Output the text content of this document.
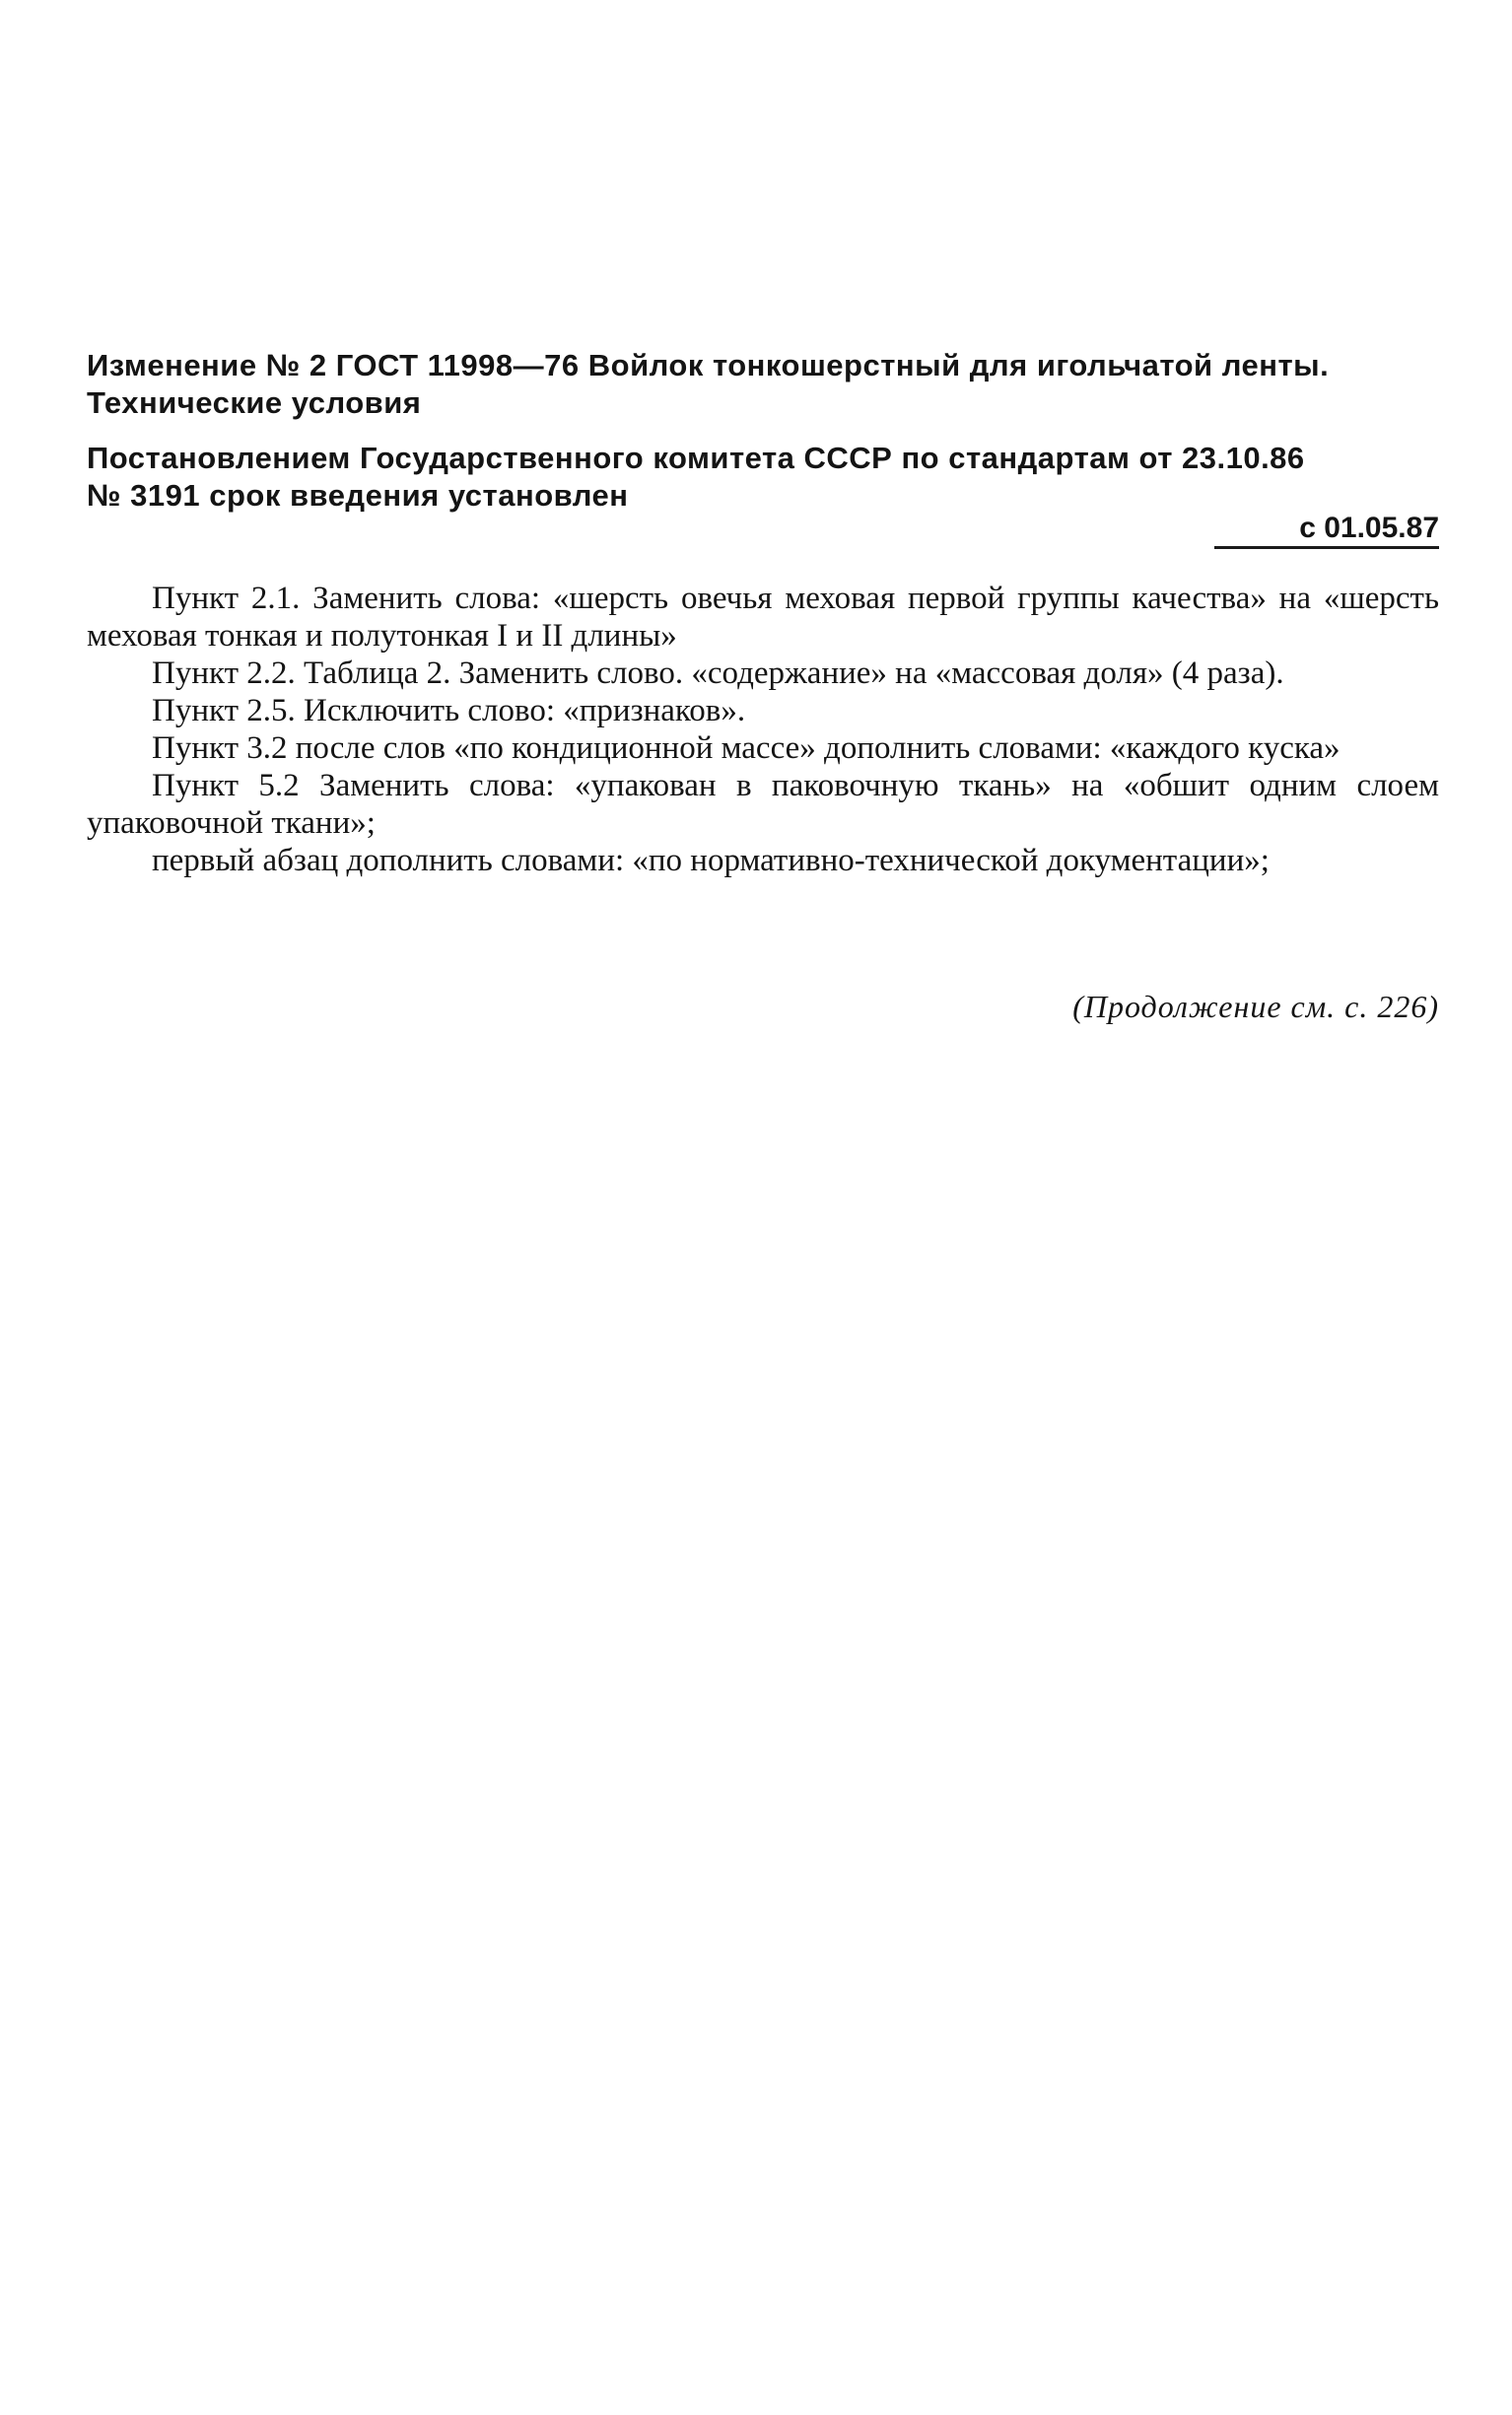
Изменение № 2 ГОСТ 11998—76 Войлок тонкошерстный для игольчатой ленты.
Технические условия
Постановлением Государственного комитета СССР по стандартам от 23.10.86
№ 3191 срок введения установлен
с 01.05.87

Пункт 2.1. Заменить слова: «шерсть овечья меховая первой группы качества» на «шерсть меховая тонкая и полутонкая I и II длины»

Пункт 2.2. Таблица 2. Заменить слово. «содержание» на «массовая доля» (4 раза).

Пункт 2.5. Исключить слово: «признаков».

Пункт 3.2 после слов «по кондиционной массе» дополнить словами: «каждого куска»

Пункт 5.2 Заменить слова: «упакован в паковочную ткань» на «обшит одним слоем упаковочной ткани»;

первый абзац дополнить словами: «по нормативно-технической документации»;

(Продолжение см. с. 226)
